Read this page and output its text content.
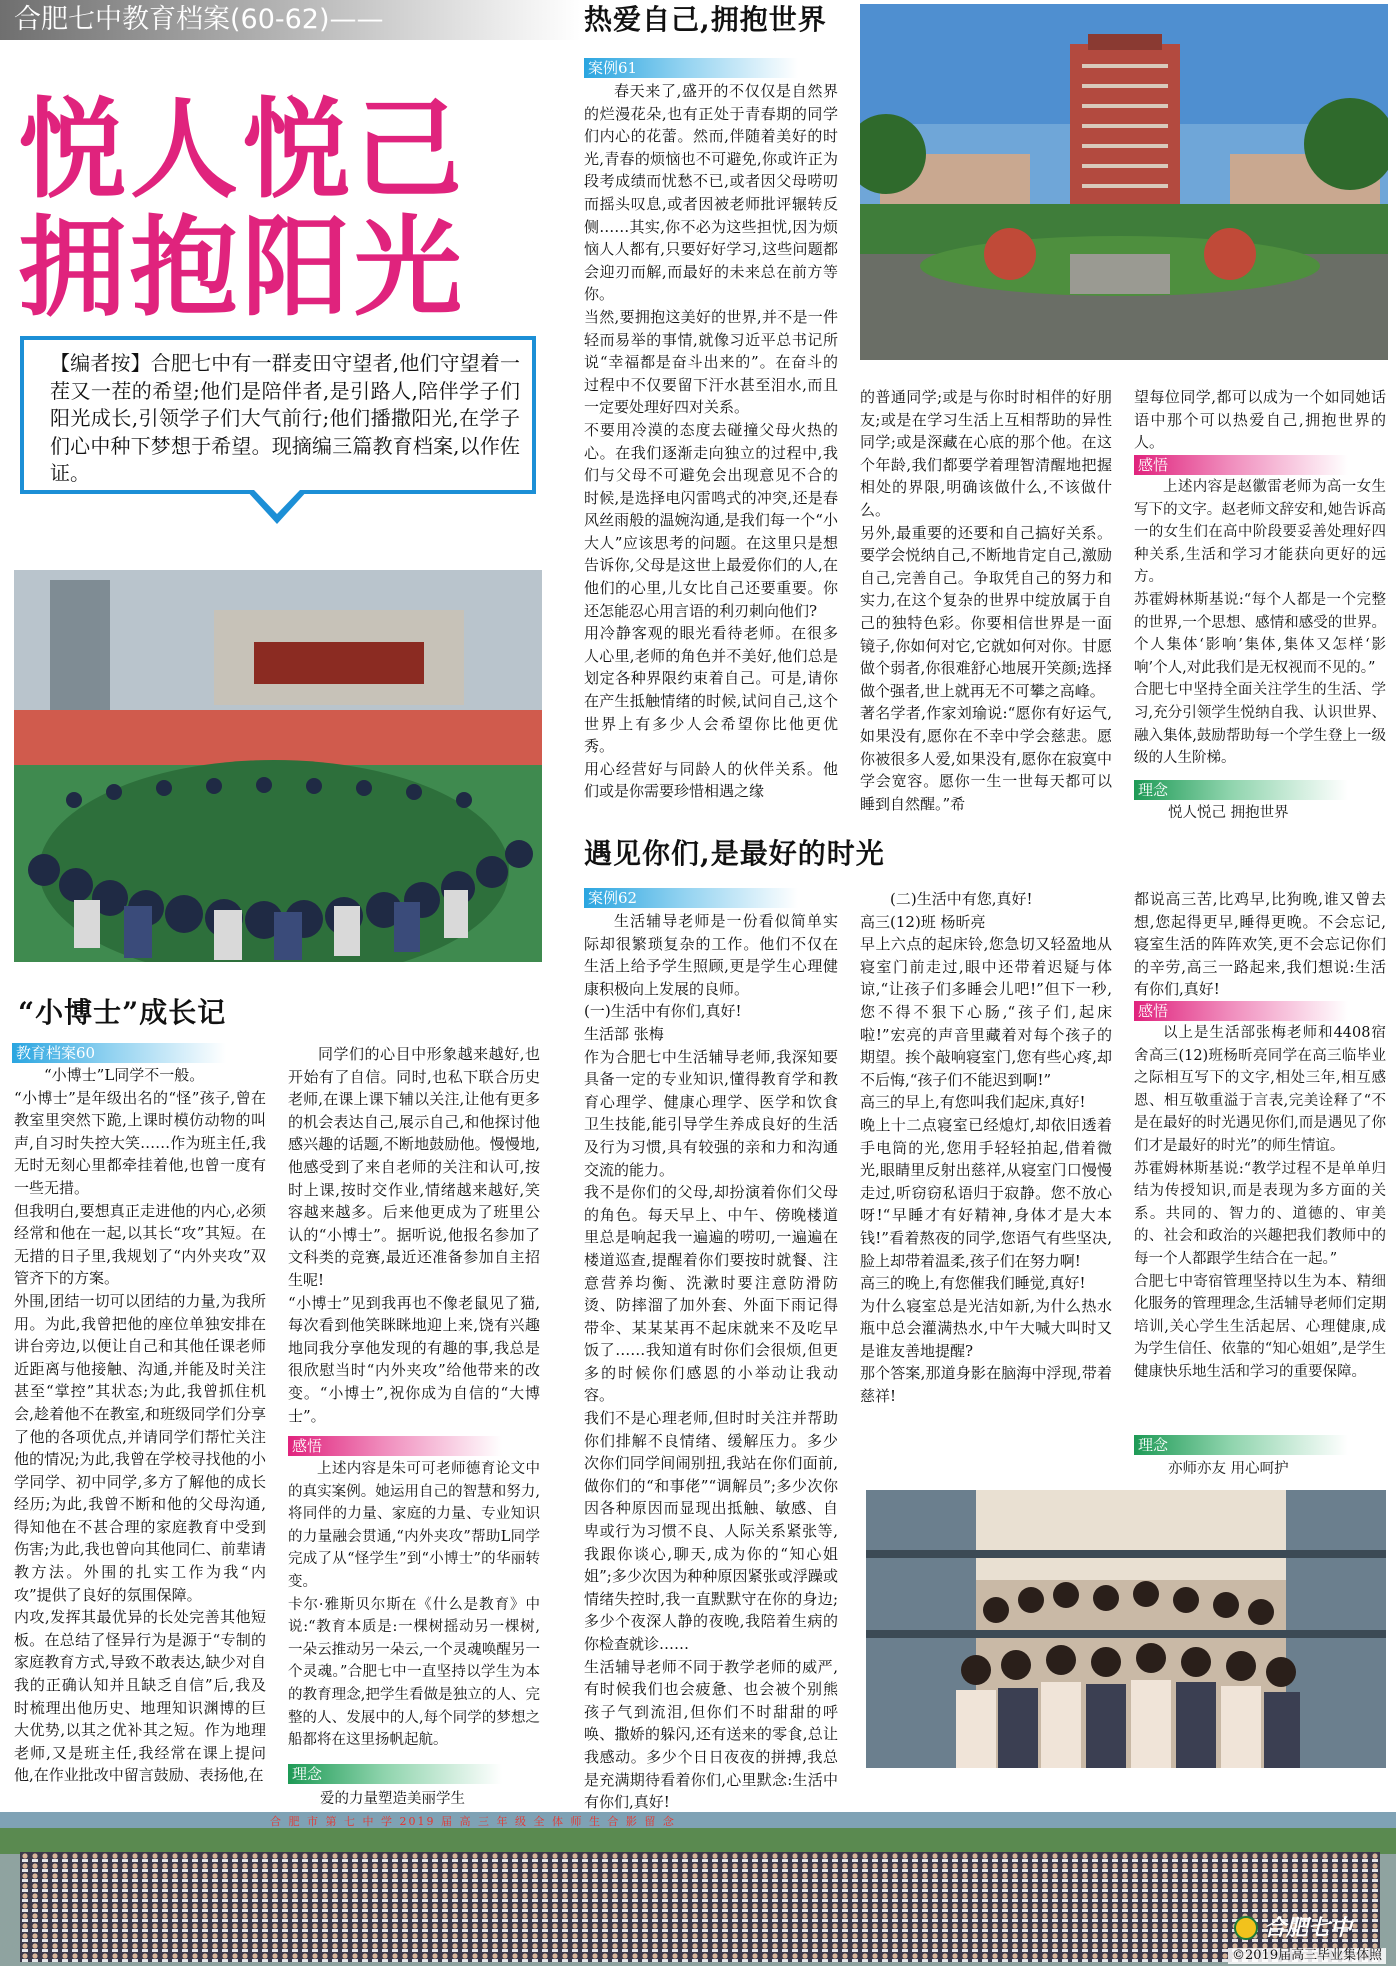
合肥七中教育档案(60-62)——
悦人悦己
拥抱阳光
【编者按】合肥七中有一群麦田守望者,他们守望着一茬又一茬的希望;他们是陪伴者,是引路人,陪伴学子们阳光成长,引领学子们大气前行;他们播撒阳光,在学子们心中种下梦想于希望。现摘编三篇教育档案,以作佐证。
“小博士”成长记
教育档案60
“小博士”L同学不一般。
“小博士”是年级出名的“怪”孩子,曾在教室里突然下跪,上课时模仿动物的叫声,自习时失控大笑……作为班主任,我无时无刻心里都牵挂着他,也曾一度有一些无措。
但我明白,要想真正走进他的内心,必须经常和他在一起,以其长“攻”其短。在无措的日子里,我规划了“内外夹攻”双管齐下的方案。
外围,团结一切可以团结的力量,为我所用。为此,我曾把他的座位单独安排在讲台旁边,以便让自己和其他任课老师近距离与他接触、沟通,并能及时关注甚至“掌控”其状态;为此,我曾抓住机会,趁着他不在教室,和班级同学们分享了他的各项优点,并请同学们帮忙关注他的情况;为此,我曾在学校寻找他的小学同学、初中同学,多方了解他的成长经历;为此,我曾不断和他的父母沟通,得知他在不甚合理的家庭教育中受到伤害;为此,我也曾向其他同仁、前辈请教方法。外围的扎实工作为我“内攻”提供了良好的氛围保障。
内攻,发挥其最优异的长处完善其他短板。在总结了怪异行为是源于“专制的家庭教育方式,导致不敢表达,缺少对自我的正确认知并且缺乏自信”后,我及时梳理出他历史、地理知识渊博的巨大优势,以其之优补其之短。作为地理老师,又是班主任,我经常在课上提问他,在作业批改中留言鼓励、表扬他,在
同学们的心目中形象越来越好,也开始有了自信。同时,也私下联合历史老师,在课上课下辅以关注,让他有更多的机会表达自己,展示自己,和他探讨他感兴趣的话题,不断地鼓励他。慢慢地,他感受到了来自老师的关注和认可,按时上课,按时交作业,情绪越来越好,笑容越来越多。后来他更成为了班里公认的“小博士”。据听说,他报名参加了文科类的竞赛,最近还准备参加自主招生呢!
“小博士”见到我再也不像老鼠见了猫,每次看到他笑眯眯地迎上来,饶有兴趣地同我分享他发现的有趣的事,我总是很欣慰当时“内外夹攻”给他带来的改变。“小博士”,祝你成为自信的“大博士”。
感悟
上述内容是朱可可老师德育论文中的真实案例。她运用自己的智慧和努力,将同伴的力量、家庭的力量、专业知识的力量融会贯通,“内外夹攻”帮助L同学完成了从“怪学生”到“小博士”的华丽转变。
卡尔·雅斯贝尔斯在《什么是教育》中说:“教育本质是:一棵树摇动另一棵树,一朵云推动另一朵云,一个灵魂唤醒另一个灵魂。”合肥七中一直坚持以学生为本的教育理念,把学生看做是独立的人、完整的人、发展中的人,每个同学的梦想之船都将在这里扬帆起航。
理念
爱的力量塑造美丽学生
热爱自己,拥抱世界
案例61
春天来了,盛开的不仅仅是自然界的烂漫花朵,也有正处于青春期的同学们内心的花蕾。然而,伴随着美好的时光,青春的烦恼也不可避免,你或许正为段考成绩而忧愁不已,或者因父母唠叨而摇头叹息,或者因被老师批评辗转反侧……其实,你不必为这些担忧,因为烦恼人人都有,只要好好学习,这些问题都会迎刃而解,而最好的未来总在前方等你。
当然,要拥抱这美好的世界,并不是一件轻而易举的事情,就像习近平总书记所说“幸福都是奋斗出来的”。在奋斗的过程中不仅要留下汗水甚至泪水,而且一定要处理好四对关系。
不要用冷漠的态度去碰撞父母火热的心。在我们逐渐走向独立的过程中,我们与父母不可避免会出现意见不合的时候,是选择电闪雷鸣式的冲突,还是春风丝雨般的温婉沟通,是我们每一个“小大人”应该思考的问题。在这里只是想告诉你,父母是这世上最爱你们的人,在他们的心里,儿女比自己还要重要。你还怎能忍心用言语的利刃刺向他们?
用冷静客观的眼光看待老师。在很多人心里,老师的角色并不美好,他们总是划定各种界限约束着自己。可是,请你在产生抵触情绪的时候,试问自己,这个世界上有多少人会希望你比他更优秀。
用心经营好与同龄人的伙伴关系。他们或是你需要珍惜相遇之缘
的普通同学;或是与你时时相伴的好朋友;或是在学习生活上互相帮助的异性同学;或是深藏在心底的那个他。在这个年龄,我们都要学着理智清醒地把握相处的界限,明确该做什么,不该做什么。
另外,最重要的还要和自己搞好关系。要学会悦纳自己,不断地肯定自己,激励自己,完善自己。争取凭自己的努力和实力,在这个复杂的世界中绽放属于自己的独特色彩。你要相信世界是一面镜子,你如何对它,它就如何对你。甘愿做个弱者,你很难舒心地展开笑颜;选择做个强者,世上就再无不可攀之高峰。
著名学者,作家刘瑜说:“愿你有好运气,如果没有,愿你在不幸中学会慈悲。愿你被很多人爱,如果没有,愿你在寂寞中学会宽容。愿你一生一世每天都可以睡到自然醒。”希
望每位同学,都可以成为一个如同她话语中那个可以热爱自己,拥抱世界的人。
感悟
上述内容是赵徽雷老师为高一女生写下的文字。赵老师文辞安和,她告诉高一的女生们在高中阶段要妥善处理好四种关系,生活和学习才能获向更好的远方。
苏霍姆林斯基说:“每个人都是一个完整的世界,一个思想、感情和感受的世界。个人集体‘影响’集体,集体又怎样‘影响’个人,对此我们是无权视而不见的。”
合肥七中坚持全面关注学生的生活、学习,充分引领学生悦纳自我、认识世界、融入集体,鼓励帮助每一个学生登上一级级的人生阶梯。
理念
悦人悦己 拥抱世界
遇见你们,是最好的时光
案例62
生活辅导老师是一份看似简单实际却很繁琐复杂的工作。他们不仅在生活上给予学生照顾,更是学生心理健康积极向上发展的良师。
(一)生活中有你们,真好!
生活部 张梅
作为合肥七中生活辅导老师,我深知要具备一定的专业知识,懂得教育学和教育心理学、健康心理学、医学和饮食卫生技能,能引导学生养成良好的生活及行为习惯,具有较强的亲和力和沟通交流的能力。
我不是你们的父母,却扮演着你们父母的角色。每天早上、中午、傍晚楼道里总是响起我一遍遍的唠叨,一遍遍在楼道巡查,提醒着你们要按时就餐、注意营养均衡、洗漱时要注意防滑防烫、防摔溜了加外套、外面下雨记得带伞、某某某再不起床就来不及吃早饭了……我知道有时你们会很烦,但更多的时候你们感恩的小举动让我动容。
我们不是心理老师,但时时关注并帮助你们排解不良情绪、缓解压力。多少次你们同学间闹别扭,我站在你们面前,做你们的“和事佬”“调解员”;多少次你因各种原因而显现出抵触、敏感、自卑或行为习惯不良、人际关系紧张等,我跟你谈心,聊天,成为你的“知心姐姐”;多少次因为种种原因紧张或浮躁或情绪失控时,我一直默默守在你的身边;多少个夜深人静的夜晚,我陪着生病的你检查就诊……
生活辅导老师不同于教学老师的威严,有时候我们也会疲惫、也会被个别熊孩子气到流泪,但你们不时甜甜的呼唤、撒娇的躲闪,还有送来的零食,总让我感动。多少个日日夜夜的拼搏,我总是充满期待看着你们,心里默念:生活中有你们,真好!
(二)生活中有您,真好!
高三(12)班 杨昕亮
早上六点的起床铃,您急切又轻盈地从寝室门前走过,眼中还带着迟疑与体谅,“让孩子们多睡会儿吧!”但下一秒,您不得不狠下心肠,“孩子们,起床啦!”宏亮的声音里藏着对每个孩子的期望。挨个敲响寝室门,您有些心疼,却不后悔,“孩子们不能迟到啊!”
高三的早上,有您叫我们起床,真好!
晚上十二点寝室已经熄灯,却依旧透着手电筒的光,您用手轻轻拍起,借着微光,眼睛里反射出慈祥,从寝室门口慢慢走过,听窃窃私语归于寂静。您不放心呀!“早睡才有好精神,身体才是大本钱!”看着熬夜的同学,您语气有些坚决,脸上却带着温柔,孩子们在努力啊!
高三的晚上,有您催我们睡觉,真好!
为什么寝室总是光洁如新,为什么热水瓶中总会灌满热水,中午大喊大叫时又是谁友善地提醒?
那个答案,那道身影在脑海中浮现,带着慈祥!
都说高三苦,比鸡早,比狗晚,谁又曾去想,您起得更早,睡得更晚。不会忘记,寝室生活的阵阵欢笑,更不会忘记你们的辛劳,高三一路起来,我们想说:生活有你们,真好!
感悟
以上是生活部张梅老师和4408宿舍高三(12)班杨昕亮同学在高三临毕业之际相互写下的文字,相处三年,相互感恩、相互敬重溢于言表,完美诠释了“不是在最好的时光遇见你们,而是遇见了你们才是最好的时光”的师生情谊。
苏霍姆林斯基说:“教学过程不是单单归结为传授知识,而是表现为多方面的关系。共同的、智力的、道德的、审美的、社会和政治的兴趣把我们教师中的每一个人都跟学生结合在一起。”
合肥七中寄宿管理坚持以生为本、精细化服务的管理理念,生活辅导老师们定期培训,关心学生生活起居、心理健康,成为学生信任、依靠的“知心姐姐”,是学生健康快乐地生活和学习的重要保障。
理念
亦师亦友 用心呵护
合 肥 市 第 七 中 学 2019 届 高 三 年 级 全 体 师 生 合 影 留 念
合肥七中
©2019届高三毕业集体照
